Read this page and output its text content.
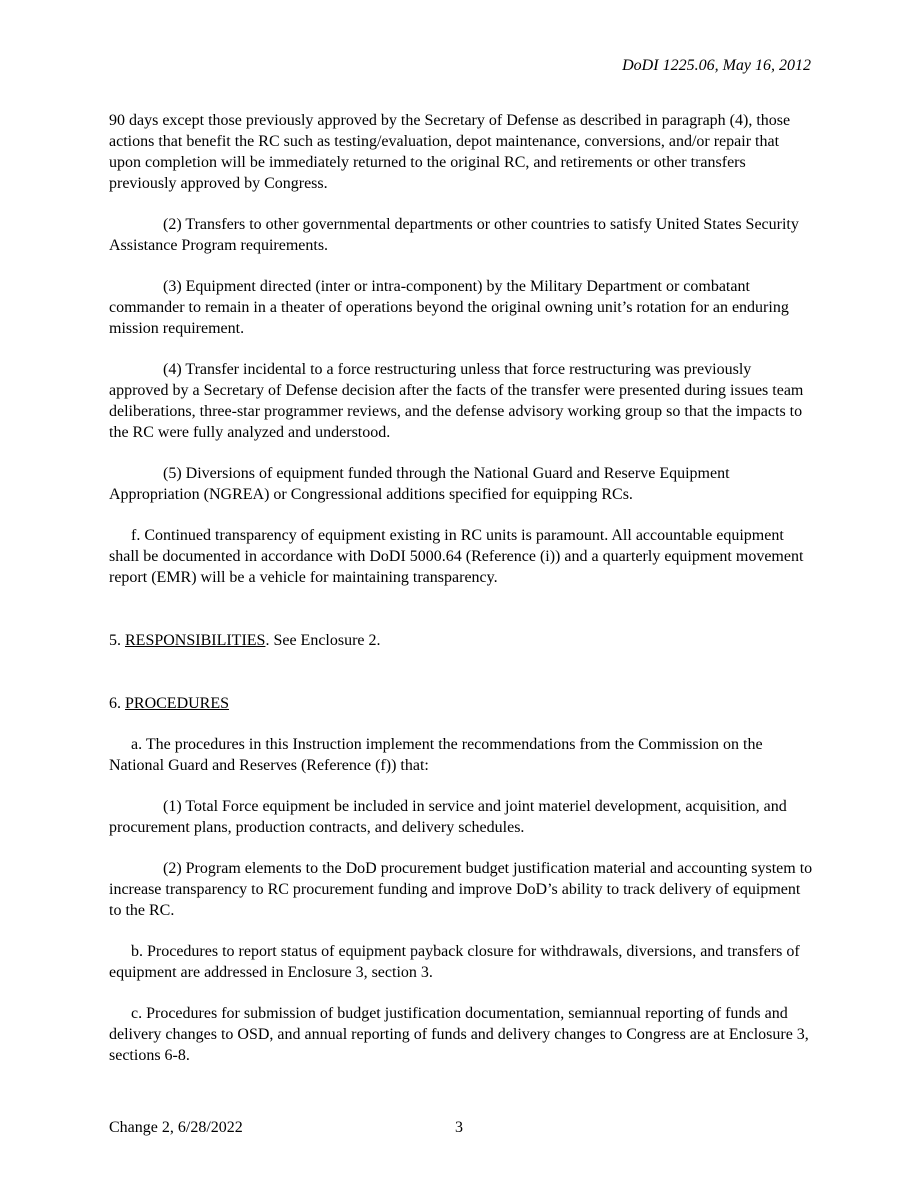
DoDI 1225.06, May 16, 2012

90 days except those previously approved by the Secretary of Defense as described in paragraph (4), those actions that benefit the RC such as testing/evaluation, depot maintenance, conversions, and/or repair that upon completion will be immediately returned to the original RC, and retirements or other transfers previously approved by Congress.

(2) Transfers to other governmental departments or other countries to satisfy United States Security Assistance Program requirements.

(3) Equipment directed (inter or intra-component) by the Military Department or combatant commander to remain in a theater of operations beyond the original owning unit’s rotation for an enduring mission requirement.

(4) Transfer incidental to a force restructuring unless that force restructuring was previously approved by a Secretary of Defense decision after the facts of the transfer were presented during issues team deliberations, three-star programmer reviews, and the defense advisory working group so that the impacts to the RC were fully analyzed and understood.

(5) Diversions of equipment funded through the National Guard and Reserve Equipment Appropriation (NGREA) or Congressional additions specified for equipping RCs.

f. Continued transparency of equipment existing in RC units is paramount. All accountable equipment shall be documented in accordance with DoDI 5000.64 (Reference (i)) and a quarterly equipment movement report (EMR) will be a vehicle for maintaining transparency.

5. RESPONSIBILITIES. See Enclosure 2.

6. PROCEDURES

a. The procedures in this Instruction implement the recommendations from the Commission on the National Guard and Reserves (Reference (f)) that:

(1) Total Force equipment be included in service and joint materiel development, acquisition, and procurement plans, production contracts, and delivery schedules.

(2) Program elements to the DoD procurement budget justification material and accounting system to increase transparency to RC procurement funding and improve DoD’s ability to track delivery of equipment to the RC.

b. Procedures to report status of equipment payback closure for withdrawals, diversions, and transfers of equipment are addressed in Enclosure 3, section 3.

c. Procedures for submission of budget justification documentation, semiannual reporting of funds and delivery changes to OSD, and annual reporting of funds and delivery changes to Congress are at Enclosure 3, sections 6-8.

Change 2, 6/28/2022	3
